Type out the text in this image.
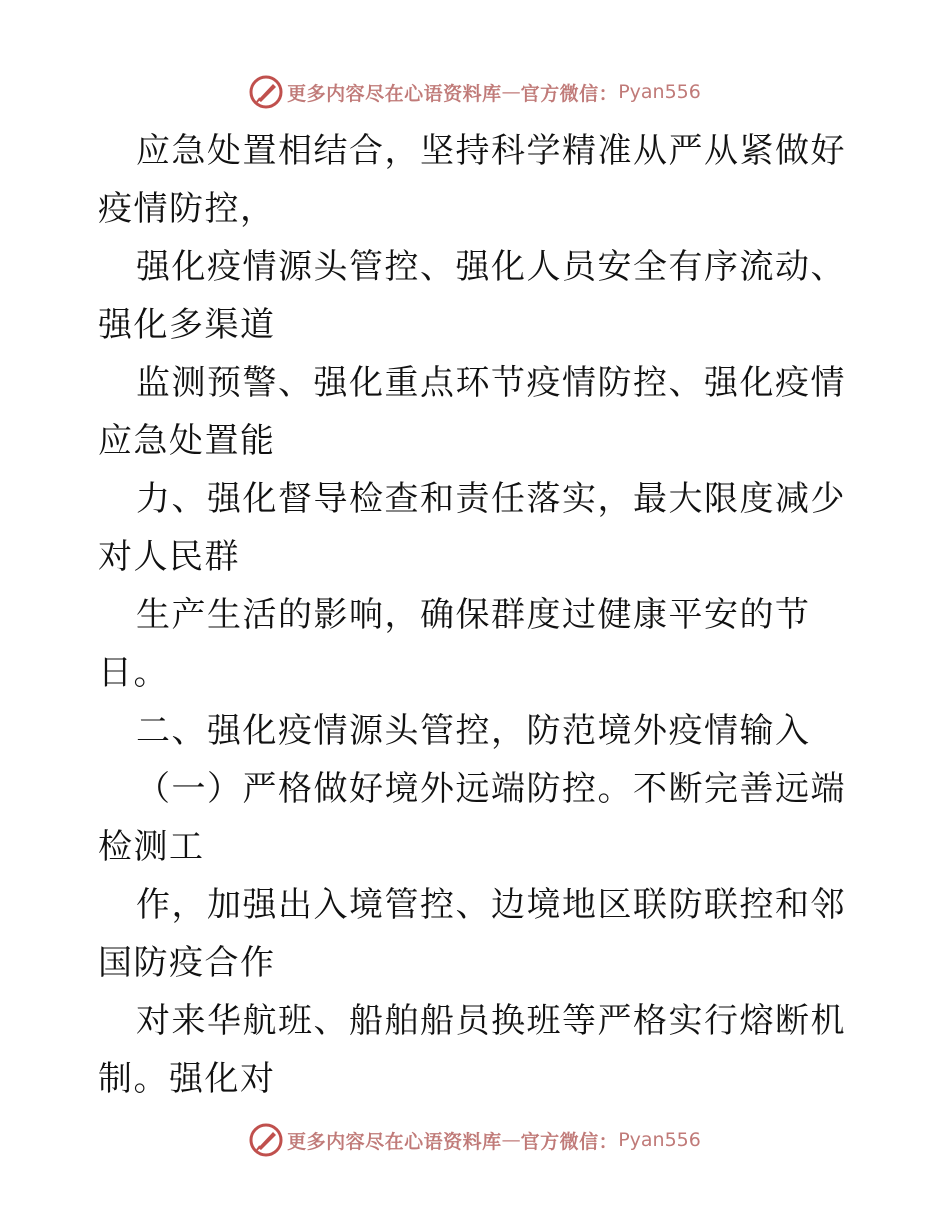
更多内容尽在心语资料库 — 官方微信： Pyan556

应急处置相结合，坚持科学精准从严从紧做好疫情防控，

强化疫情源头管控、强化人员安全有序流动、强化多渠道

监测预警、强化重点环节疫情防控、强化疫情应急处置能

力、强化督导检查和责任落实，最大限度减少对人民群

生产生活的影响，确保群度过健康平安的节日。

二、强化疫情源头管控，防范境外疫情输入

（一）严格做好境外远端防控。不断完善远端检测工

作，加强出入境管控、边境地区联防联控和邻国防疫合作

对来华航班、船舶船员换班等严格实行熔断机制。强化对

更多内容尽在心语资料库 — 官方微信： Pyan556
